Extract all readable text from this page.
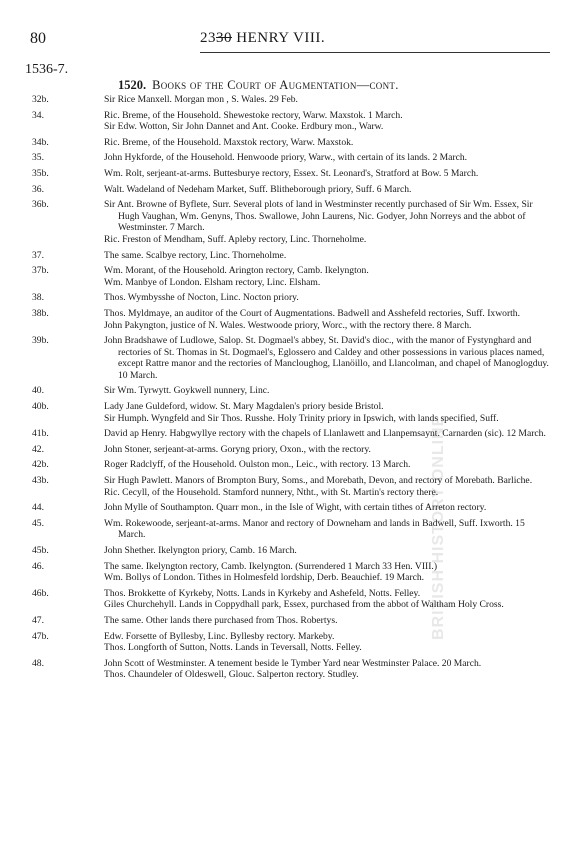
80	2330 HENRY VIII.
1536-7.
1520. Books of the Court of Augmentation—cont.
BRITISH HISTORY ONLINE
32b.	Sir Rice Manxell. Morgan mon , S. Wales. 29 Feb.
34.	Ric. Breme, of the Household. Shewestoke rectory, Warw. Maxstok. 1 March.
Sir Edw. Wotton, Sir John Dannet and Ant. Cooke. Erdbury mon., Warw.
34b.	Ric. Breme, of the Household. Maxstok rectory, Warw. Maxstok.
35.	John Hykforde, of the Household. Henwoode priory, Warw., with certain of its lands. 2 March.
35b.	Wm. Rolt, serjeant-at-arms. Buttesburye rectory, Essex. St. Leonard's, Stratford at Bow. 5 March.
36.	Walt. Wadeland of Nedeham Market, Suff. Blitheborough priory, Suff. 6 March.
36b.	Sir Ant. Browne of Byflete, Surr. Several plots of land in Westminster recently purchased of Sir Wm. Essex, Sir Hugh Vaughan, Wm. Genyns, Thos. Swallowe, John Laurens, Nic. Godyer, John Norreys and the abbot of Westminster. 7 March.
Ric. Freston of Mendham, Suff. Apleby rectory, Linc. Thorneholme.
37.	The same. Scalbye rectory, Linc. Thorneholme.
37b.	Wm. Morant, of the Household. Arington rectory, Camb. Ikelyngton.
Wm. Manbye of London. Elsham rectory, Linc. Elsham.
38.	Thos. Wymbysshe of Nocton, Linc. Nocton priory.
38b.	Thos. Myldmaye, an auditor of the Court of Augmentations. Badwell and Asshefeld rectories, Suff. Ixworth.
John Pakyngton, justice of N. Wales. Westwoode priory, Worc., with the rectory there. 8 March.
39b.	John Bradshawe of Ludlowe, Salop. St. Dogmael's abbey, St. David's dioc., with the manor of Fystynghard and rectories of St. Thomas in St. Dogmael's, Eglossero and Caldey and other possessions in various places named, except Rattre manor and the rectories of Mancloughog, Llanöillo, and Llancolman, and chapel of Manoglogduy. 10 March.
40.	Sir Wm. Tyrwytt. Goykwell nunnery, Linc.
40b.	Lady Jane Guldeford, widow. St. Mary Magdalen's priory beside Bristol.
Sir Humph. Wyngfeld and Sir Thos. Russhe. Holy Trinity priory in Ipswich, with lands specified, Suff.
41b.	David ap Henry. Habgwyllye rectory with the chapels of Llanlawett and Llanpemsaynt. Carnarden (sic). 12 March.
42.	John Stoner, serjeant-at-arms. Goryng priory, Oxon., with the rectory.
42b.	Roger Radclyff, of the Household. Oulston mon., Leic., with rectory. 13 March.
43b.	Sir Hugh Pawlett. Manors of Brompton Bury, Soms., and Morebath, Devon, and rectory of Morebath. Barliche.
Ric. Cecyll, of the Household. Stamford nunnery, Ntht., with St. Martin's rectory there.
44.	John Mylle of Southampton. Quarr mon., in the Isle of Wight, with certain tithes of Arreton rectory.
45.	Wm. Rokewoode, serjeant-at-arms. Manor and rectory of Downeham and lands in Badwell, Suff. Ixworth. 15 March.
45b.	John Shether. Ikelyngton priory, Camb. 16 March.
46.	The same. Ikelyngton rectory, Camb. Ikelyngton. (Surrendered 1 March 33 Hen. VIII.)
Wm. Bollys of London. Tithes in Holmesfeld lordship, Derb. Beauchief. 19 March.
46b.	Thos. Brokkette of Kyrkeby, Notts. Lands in Kyrkeby and Ashefeld, Notts. Felley.
Giles Churchehyll. Lands in Coppydhall park, Essex, purchased from the abbot of Waltham Holy Cross.
47.	The same. Other lands there purchased from Thos. Robertys.
47b.	Edw. Forsette of Byllesby, Linc. Byllesby rectory. Markeby.
Thos. Longforth of Sutton, Notts. Lands in Teversall, Notts. Felley.
48.	John Scott of Westminster. A tenement beside le Tymber Yard near Westminster Palace. 20 March.
Thos. Chaundeler of Oldeswell, Glouc. Salperton rectory. Studley.
